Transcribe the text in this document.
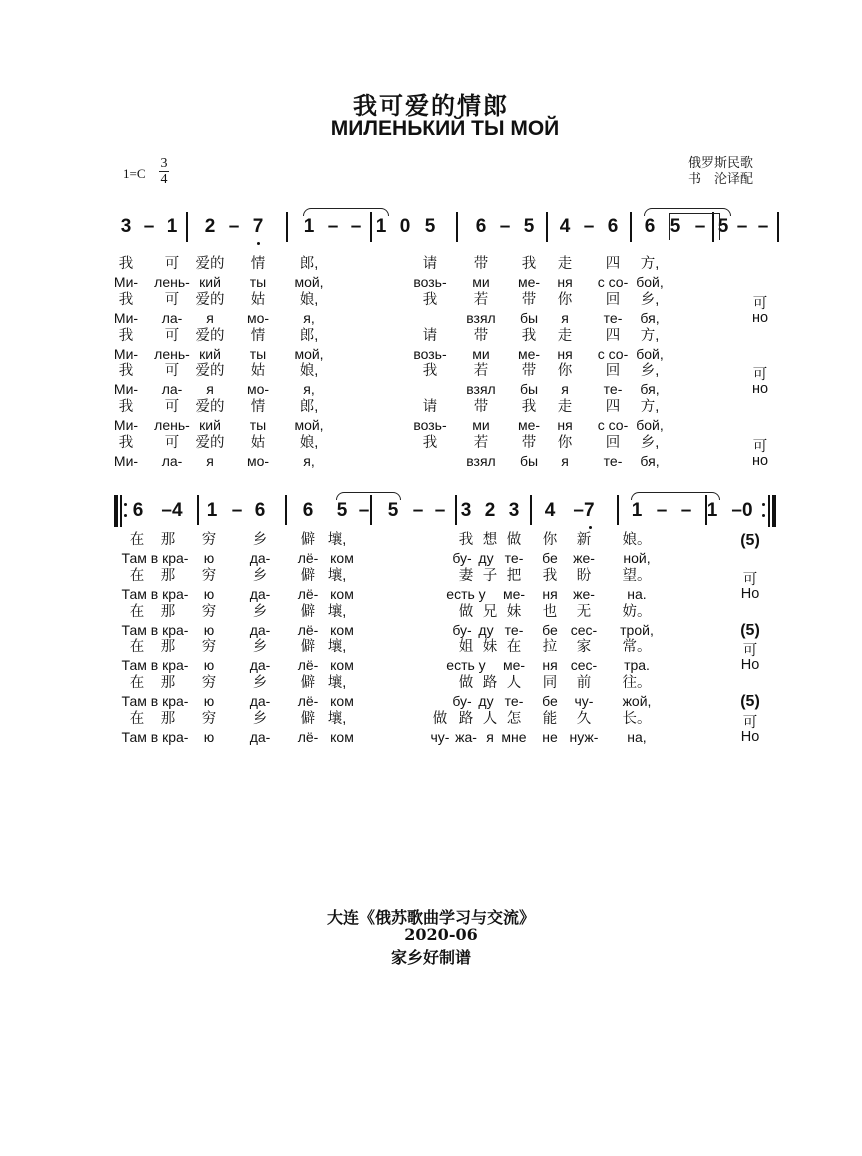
我可爱的情郎
МИЛЕНЬКИЙ ТЫ МОЙ
1=C
3
4
俄罗斯民歌
书　沦译配
3 – 1 2 – 7 1 – – 1 0 5 6 – 5 4 – 6 6 5 – 5 – –
我 可 爱的 情 郎,	请	带 我 走 四 方,
Ми- лень- кий ты мой,	возь- ми ме- ня с со- бой,
我 可 爱的 姑 娘,	我	若 带 你 回 乡,	可
Ми- ла- я мо- я,	взял бы я те- бя,	но
我 可 爱的 情 郎,	请	带 我 走 四 方,
Ми- лень- кий ты мой,	возь- ми ме- ня с со- бой,
我 可 爱的 姑 娘,	我	若 带 你 回 乡,	可
Ми- ла- я мо- я,	взял бы я те- бя,	но
我 可 爱的 情 郎,	请	带 我 走 四 方,
Ми- лень- кий ты мой,	возь- ми ме- ня с со- бой,
我 可 爱的 姑 娘,	我	若 带 你 回 乡,	可
Ми- ла- я мо- я,	взял бы я те- бя,	но
6 –4 1 – 6 6 5 – 5 – – 3 2 3 4 –7 1 – – 1 –0
在 那 穷	乡 僻 壤,	我 想 做 你 新 娘。	(5)
Там в кра- ю	да- лё- ком	бу- ду те- бе же- ной,
在 那 穷	乡 僻 壤,	妻 子 把 我 盼 望。	可
Там в кра- ю	да- лё- ком	есть у ме- ня же- на.	Но
在 那 穷	乡 僻 壤,	做 兄 妹 也 无 妨。
Там в кра- ю	да- лё- ком	бу- ду те- бе сес- трой,	(5)
在 那 穷	乡 僻 壤,	姐 妹 在 拉 家 常。	可
Там в кра- ю	да- лё- ком	есть у ме- ня сес- тра.	Но
在 那 穷	乡 僻 壤,	做 路 人 同 前 往。
Там в кра- ю	да- лё- ком	бу- ду те- бе чу- жой,	(5)
在 那 穷	乡 僻 壤,	做 路 人 怎 能 久 长。	可
Там в кра- ю	да- лё- ком	чу- жа- я мне не нуж- на,	Но
大连《俄苏歌曲学习与交流》
2020-06
家乡好制谱
